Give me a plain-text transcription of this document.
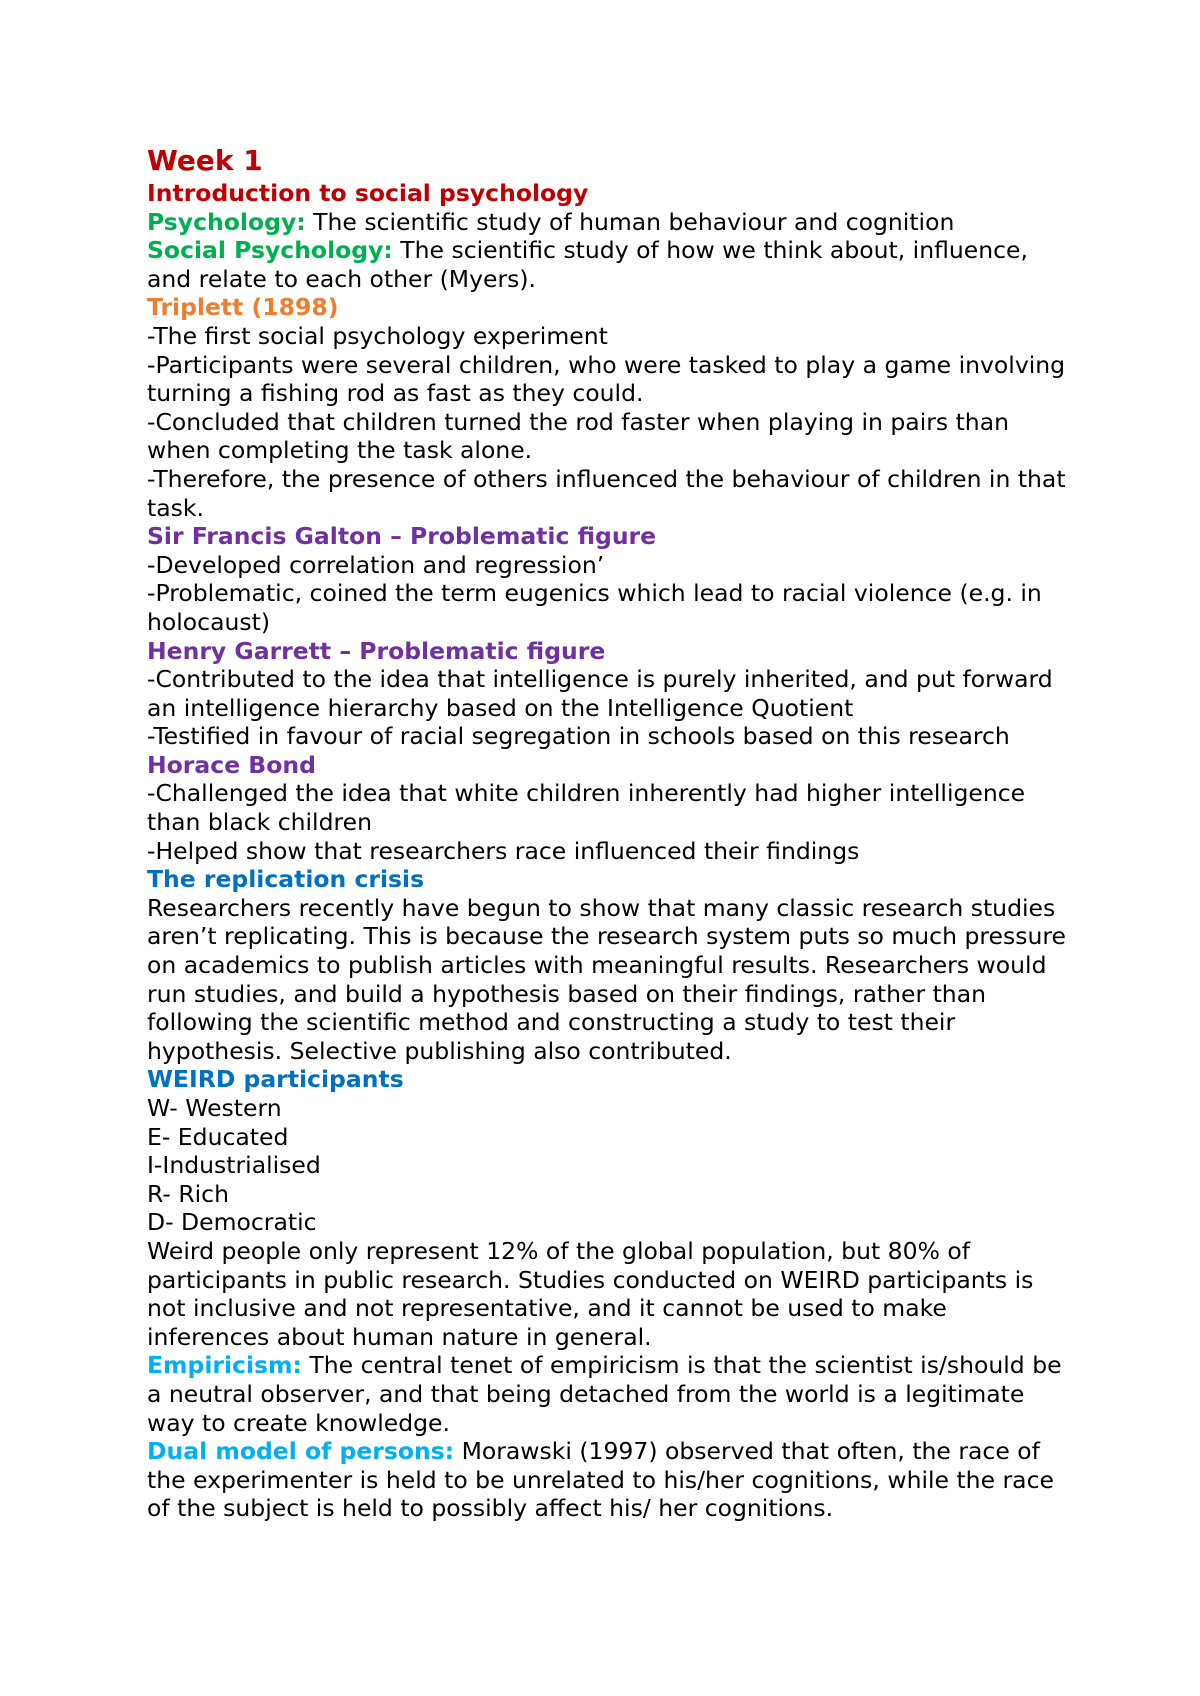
Week 1

Introduction to social psychology

Psychology: The scientific study of human behaviour and cognition

Social Psychology: The scientific study of how we think about, influence, and relate to each other (Myers).

Triplett (1898)

-The first social psychology experiment

-Participants were several children, who were tasked to play a game involving turning a fishing rod as fast as they could.

-Concluded that children turned the rod faster when playing in pairs than when completing the task alone.

-Therefore, the presence of others influenced the behaviour of children in that task.

Sir Francis Galton – Problematic figure

-Developed correlation and regression’

-Problematic, coined the term eugenics which lead to racial violence (e.g. in holocaust)

Henry Garrett – Problematic figure

-Contributed to the idea that intelligence is purely inherited, and put forward an intelligence hierarchy based on the Intelligence Quotient

-Testified in favour of racial segregation in schools based on this research

Horace Bond

-Challenged the idea that white children inherently had higher intelligence than black children

-Helped show that researchers race influenced their findings

The replication crisis

Researchers recently have begun to show that many classic research studies aren’t replicating. This is because the research system puts so much pressure on academics to publish articles with meaningful results. Researchers would run studies, and build a hypothesis based on their findings, rather than following the scientific method and constructing a study to test their hypothesis. Selective publishing also contributed.

WEIRD participants

W- Western

E- Educated

I-Industrialised

R- Rich

D- Democratic

Weird people only represent 12% of the global population, but 80% of participants in public research. Studies conducted on WEIRD participants is not inclusive and not representative, and it cannot be used to make inferences about human nature in general.

Empiricism: The central tenet of empiricism is that the scientist is/should be a neutral observer, and that being detached from the world is a legitimate way to create knowledge.

Dual model of persons: Morawski (1997) observed that often, the race of the experimenter is held to be unrelated to his/her cognitions, while the race of the subject is held to possibly affect his/ her cognitions.
